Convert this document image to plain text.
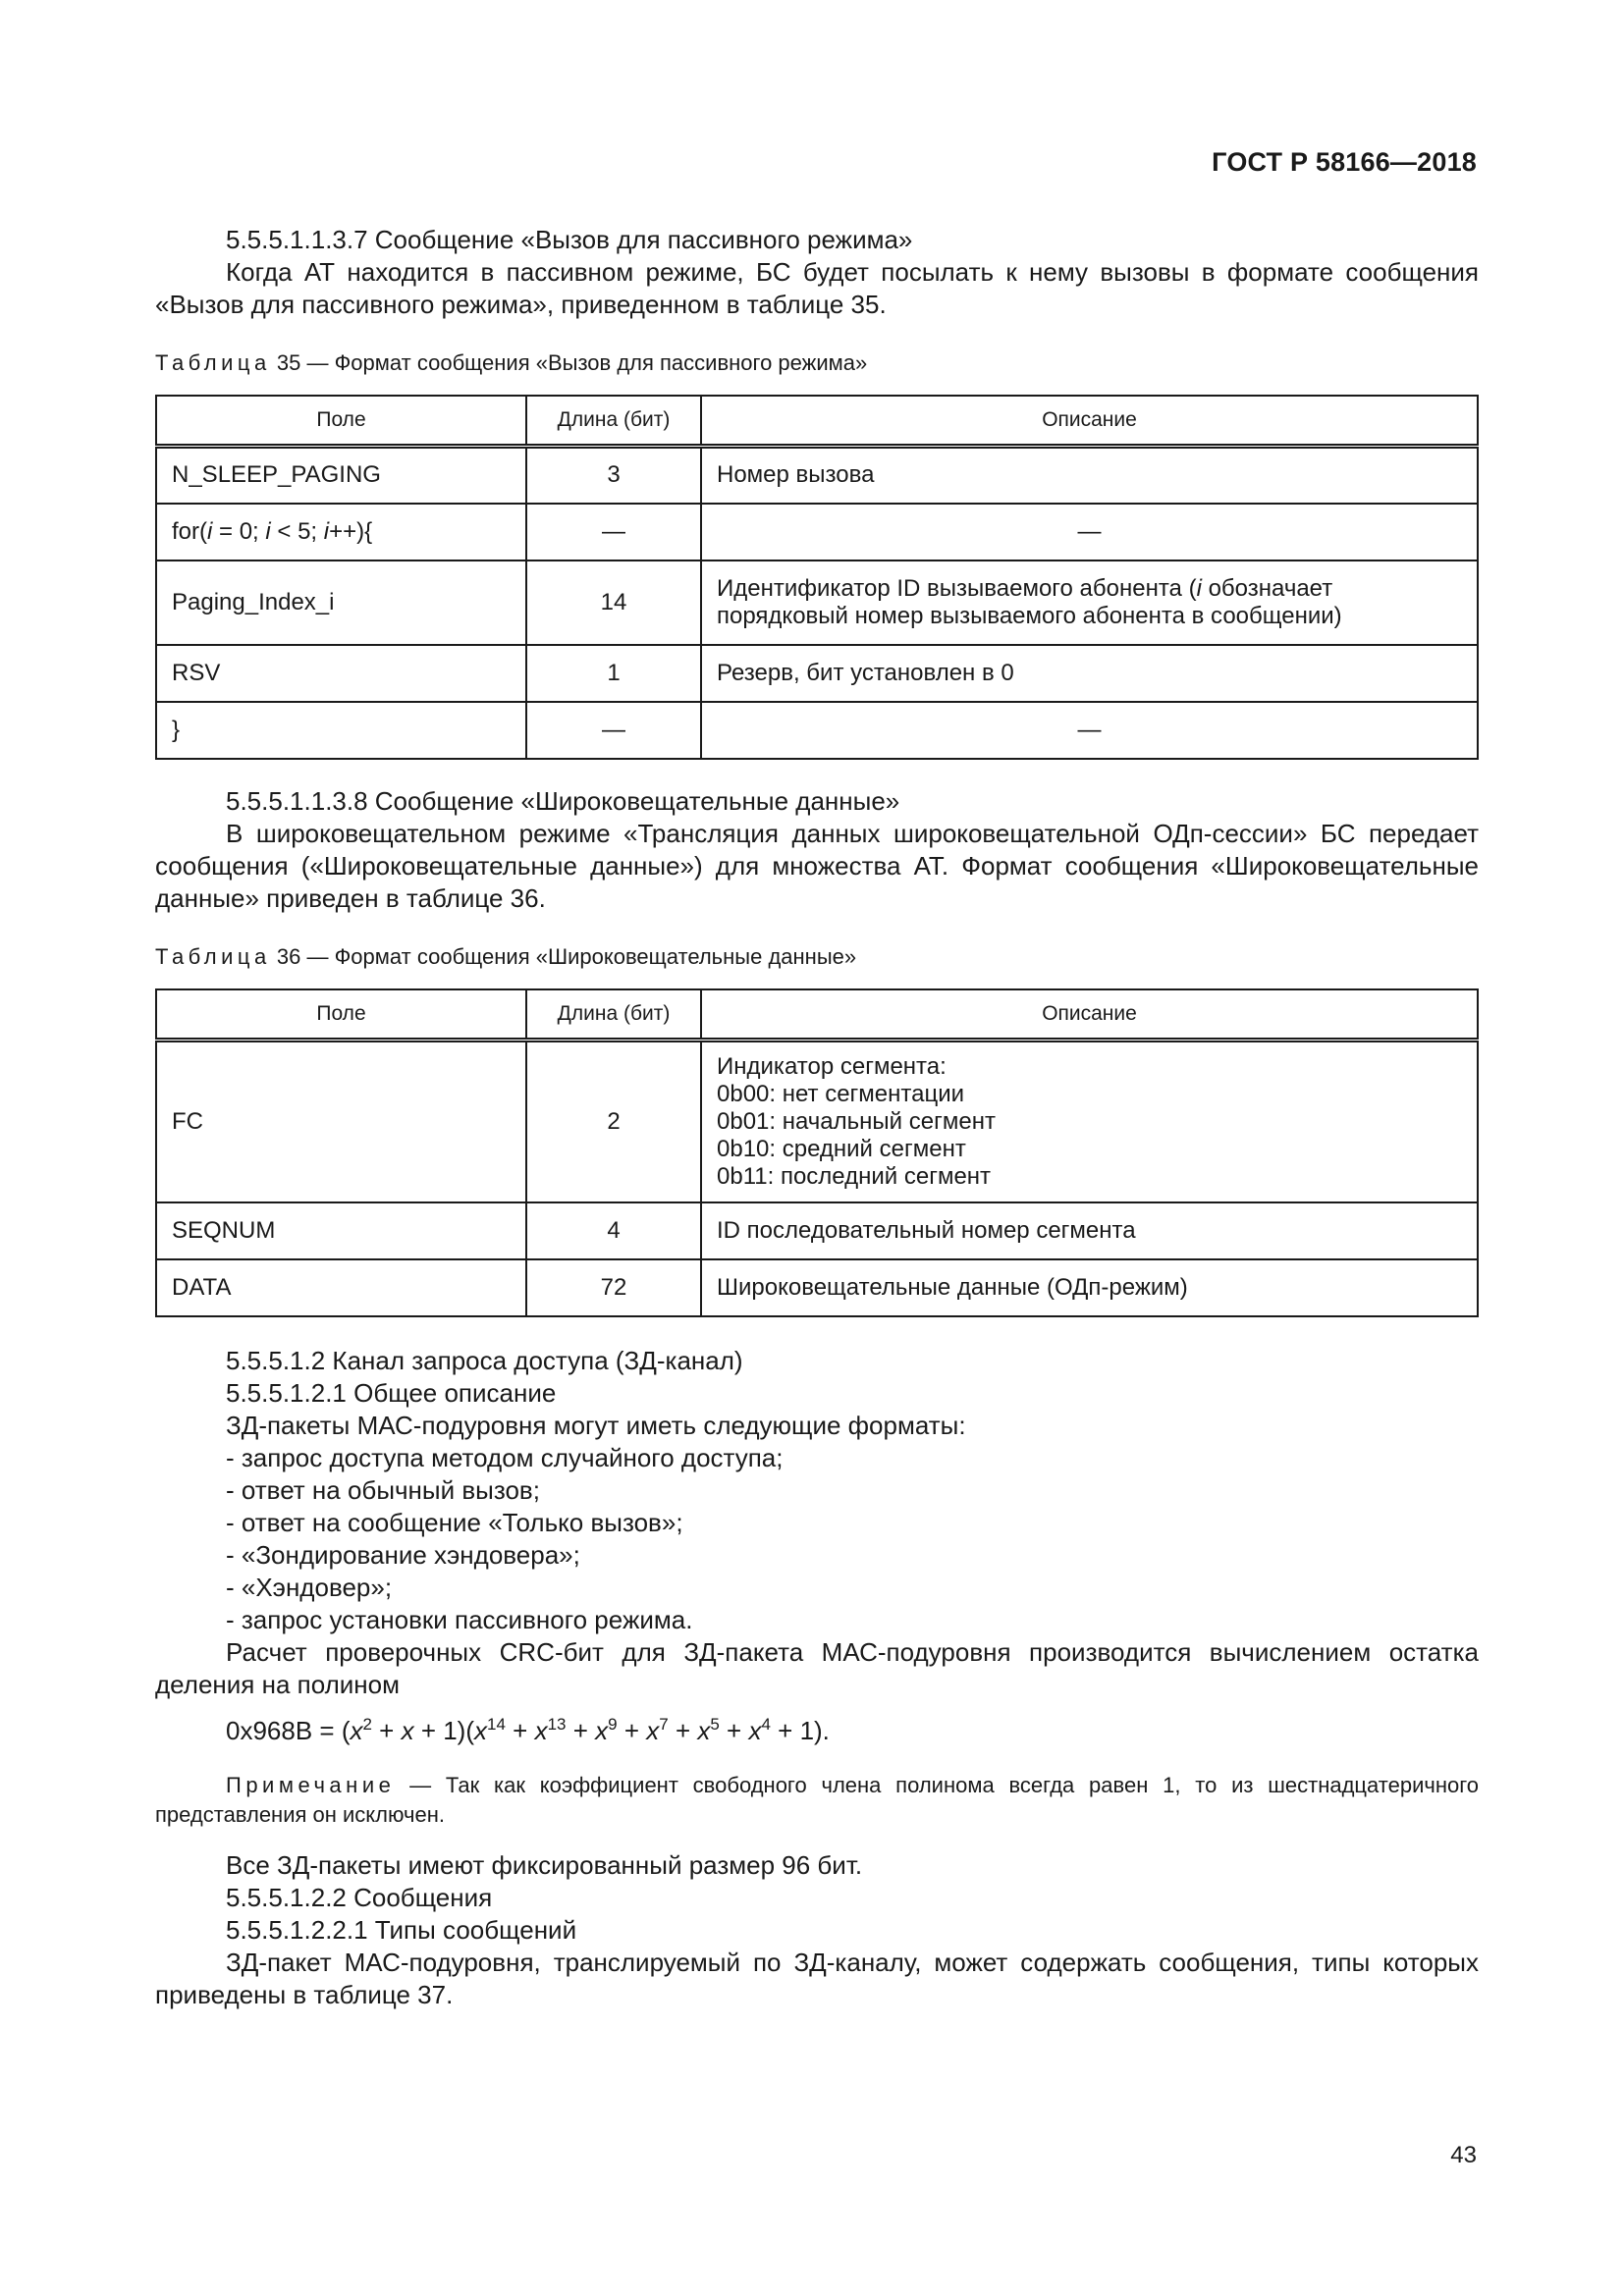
ГОСТ Р 58166—2018

5.5.5.1.1.3.7 Сообщение «Вызов для пассивного режима»

Когда АТ находится в пассивном режиме, БС будет посылать к нему вызовы в формате сообщения «Вызов для пассивного режима», приведенном в таблице 35.

Таблица 35 — Формат сообщения «Вызов для пассивного режима»

Поле	Длина (бит)	Описание
N_SLEEP_PAGING	3	Номер вызова
for(i = 0; i < 5; i++){	—	—
Paging_Index_i	14	Идентификатор ID вызываемого абонента (i обозначает порядковый номер вызываемого абонента в сообщении)
RSV	1	Резерв, бит установлен в 0
}	—	—

5.5.5.1.1.3.8 Сообщение «Широковещательные данные»

В широковещательном режиме «Трансляция данных широковещательной ОДп-сессии» БС передает сообщения («Широковещательные данные») для множества АТ. Формат сообщения «Широковещательные данные» приведен в таблице 36.

Таблица 36 — Формат сообщения «Широковещательные данные»

Поле	Длина (бит)	Описание
FC	2	Индикатор сегмента:
0b00: нет сегментации
0b01: начальный сегмент
0b10: средний сегмент
0b11: последний сегмент

SEQNUM	4	ID последовательный номер сегмента
DATA	72	Широковещательные данные (ОДп-режим)

5.5.5.1.2 Канал запроса доступа (ЗД-канал)

5.5.5.1.2.1 Общее описание

ЗД-пакеты МАС-подуровня могут иметь следующие форматы:

- запрос доступа методом случайного доступа;

- ответ на обычный вызов;

- ответ на сообщение «Только вызов»;

- «Зондирование хэндовера»;

- «Хэндовер»;

- запрос установки пассивного режима.

Расчет проверочных CRC-бит для ЗД-пакета МАС-подуровня производится вычислением остатка деления на полином

$0x968B = (x^2 + x + 1)(x^{14} + x^{13} + x^9 + x^7 + x^5 + x^4 + 1)$.

Примечание — Так как коэффициент свободного члена полинома всегда равен 1, то из шестнадцатеричного представления он исключен.

Все ЗД-пакеты имеют фиксированный размер 96 бит.

5.5.5.1.2.2 Сообщения

5.5.5.1.2.2.1 Типы сообщений

ЗД-пакет МАС-подуровня, транслируемый по ЗД-каналу, может содержать сообщения, типы которых приведены в таблице 37.

43
